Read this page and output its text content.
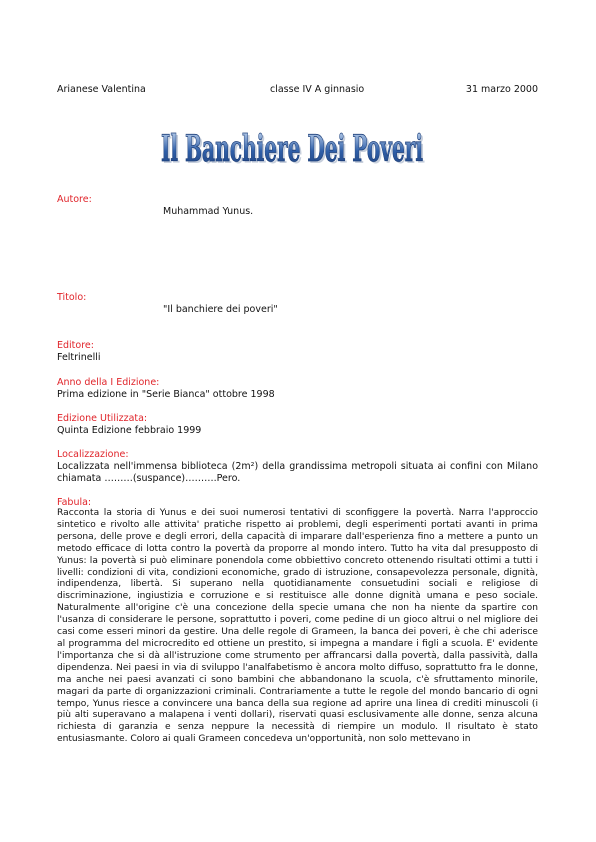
Arianese Valentina	classe IV A ginnasio	31 marzo 2000
Il Banchiere Dei Poveri
Il Banchiere Dei Poveri
Autore:
Muhammad Yunus.
Titolo:
"Il banchiere dei poveri"
Editore:
Feltrinelli
Anno della I Edizione:
Prima edizione in "Serie Bianca" ottobre 1998
Edizione Utilizzata:
Quinta Edizione febbraio 1999
Localizzazione:
Localizzata nell'immensa biblioteca (2m²) della grandissima metropoli situata ai confini con Milano chiamata ………(suspance)……….Pero.
Fabula:

Racconta la storia di Yunus e dei suoi numerosi tentativi di sconfiggere la povertà. Narra l'approccio sintetico e rivolto alle attivita' pratiche rispetto ai problemi, degli esperimenti portati avanti in prima persona, delle prove e degli errori, della capacità di imparare dall'esperienza fino a mettere a punto un metodo efficace di lotta contro la povertà da proporre al mondo intero. Tutto ha vita dal presupposto di Yunus: la povertà si può eliminare ponendola come obbiettivo concreto ottenendo risultati ottimi a tutti i livelli: condizioni di vita, condizioni economiche, grado di istruzione, consapevolezza personale, dignità, indipendenza, libertà. Si superano nella quotidianamente consuetudini sociali e religiose di discriminazione, ingiustizia e corruzione e si restituisce alle donne dignità umana e peso sociale. Naturalmente all'origine c'è una concezione della specie umana che non ha niente da spartire con l'usanza di considerare le persone, soprattutto i poveri, come pedine di un gioco altrui o nel migliore dei casi come esseri minori da gestire. Una delle regole di Grameen, la banca dei poveri, è che chi aderisce al programma del microcredito ed ottiene un prestito, si impegna a mandare i figli a scuola. E' evidente l'importanza che si dà all'istruzione come strumento per affrancarsi dalla povertà, dalla passività, dalla dipendenza. Nei paesi in via di sviluppo l'analfabetismo è ancora molto diffuso, soprattutto fra le donne, ma anche nei paesi avanzati ci sono bambini che abbandonano la scuola, c'è sfruttamento minorile, magari da parte di organizzazioni criminali. Contrariamente a tutte le regole del mondo bancario di ogni tempo, Yunus riesce a convincere una banca della sua regione ad aprire una linea di crediti minuscoli (i più alti superavano a malapena i venti dollari), riservati quasi esclusivamente alle donne, senza alcuna richiesta di garanzia e senza neppure la necessità di riempire un modulo. Il risultato è stato entusiasmante. Coloro ai quali Grameen concedeva un'opportunità, non solo mettevano in
